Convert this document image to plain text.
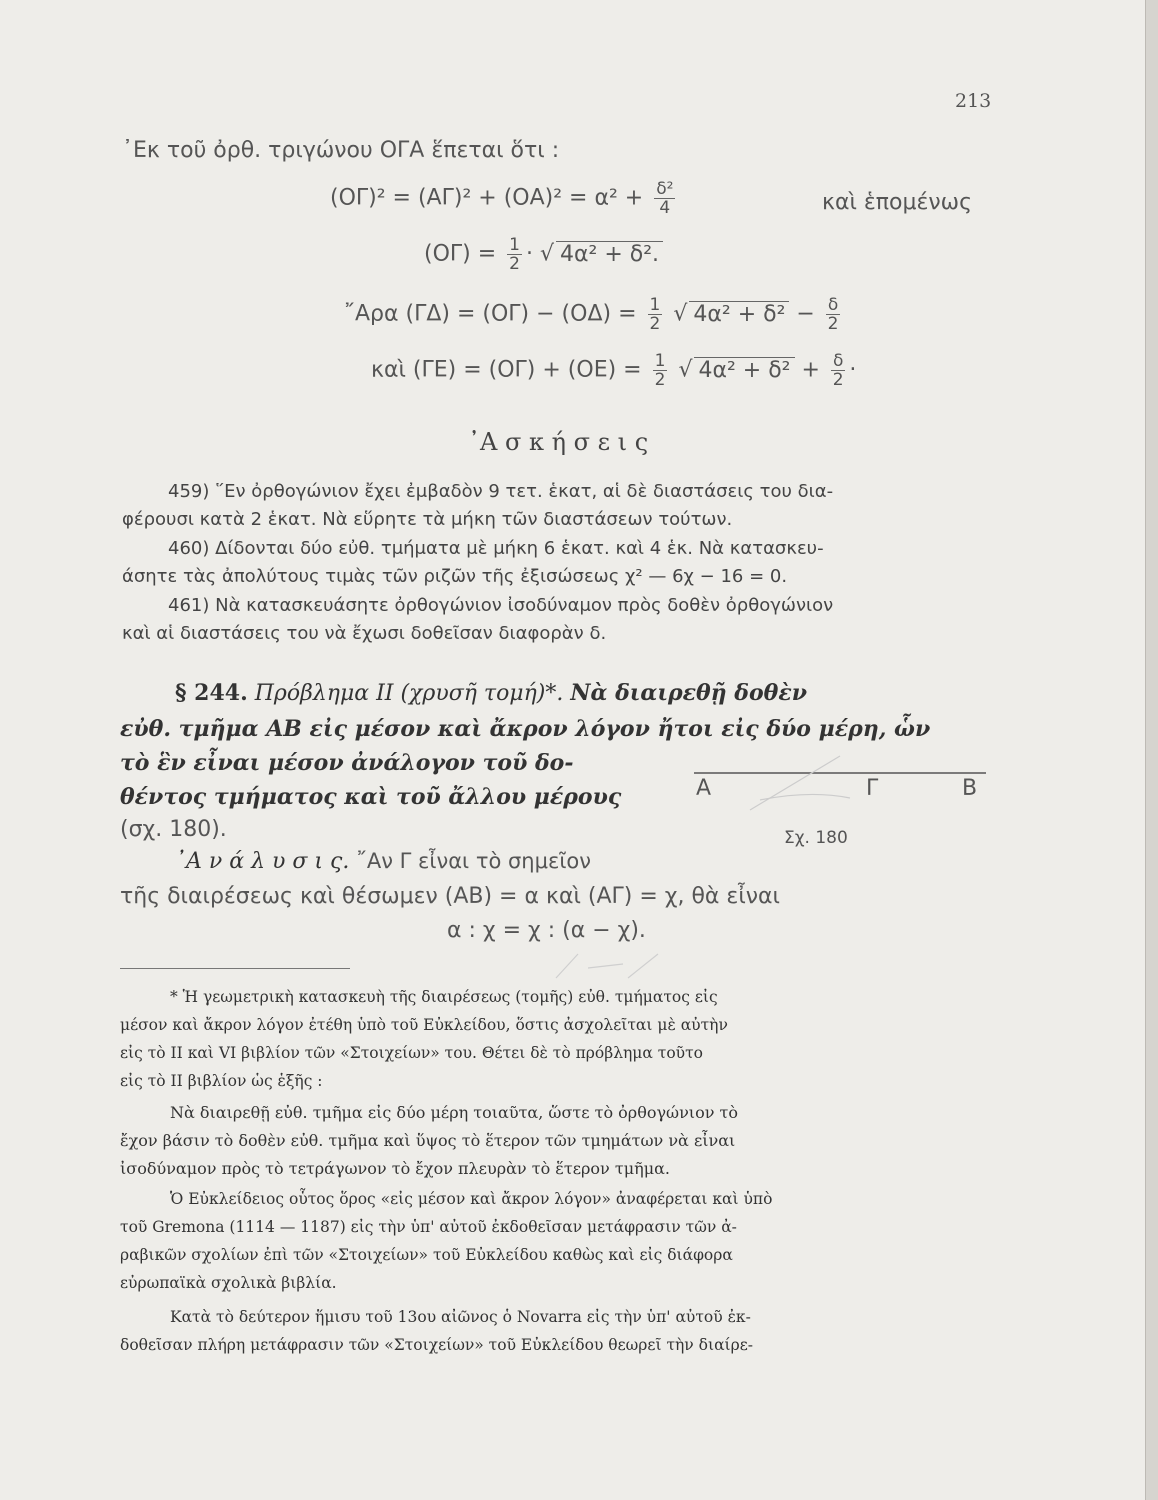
213
᾿Εκ τοῦ ὀρθ. τριγώνου ΟΓΑ ἕπεται ὅτι :
$(O\Gamma)^2 = (A\Gamma)^2 + (OA)^2 = \alpha^2 + \frac{\text{δ²}}{4}$	καὶ ἑπομένως
$(O\Gamma) = \frac{1}{2}$ · √ 4α² + δ².
῎Αρα $(\Gamma\Delta) = (O\Gamma) - (O\Delta) = \frac{1}{2}$ √ $4\alpha^2 + \delta^2 - \frac{\delta}{2}$
καὶ $(\Gamma E) = (O\Gamma) + (OE) = \frac{1}{2}$ √ $4\alpha^2 + \delta^2 + \frac{\delta}{2}$ ·
᾿Α σ κ ή σ ε ι ς
459) ῞Εν ὀρθογώνιον ἔχει ἐμβαδὸν 9 τετ. ἑκατ, αἱ δὲ διαστάσεις του δια-
φέρουσι κατὰ 2 ἑκατ. Νὰ εὕρητε τὰ μήκη τῶν διαστάσεων τούτων.
460) Δίδονται δύο εὐθ. τμήματα μὲ μήκη 6 ἑκατ. καὶ 4 ἑκ. Νὰ κατασκευ-
άσητε τὰς ἀπολύτους τιμὰς τῶν ριζῶν τῆς ἐξισώσεως χ² — 6χ − 16 = 0.
461) Νὰ κατασκευάσητε ὀρθογώνιον ἰσοδύναμον πρὸς δοθὲν ὀρθογώνιον
καὶ αἱ διαστάσεις του νὰ ἔχωσι δοθεῖσαν διαφορὰν δ.
§ 244. Πρόβλημα II (χρυσῆ τομή)*. Νὰ διαιρεθῇ δοθὲν
εὐθ. τμῆμα ΑΒ εἰς μέσον καὶ ἄκρον λόγον ἤτοι εἰς δύο μέρη, ὧν
τὸ ἓν εἶναι μέσον ἀνάλογον τοῦ δο-
θέντος τμήματος καὶ τοῦ ἄλλου μέρους
(σχ. 180).
᾿Α ν ά λ υ σ ι ς. ῎Αν Γ εἶναι τὸ σημεῖον
τῆς διαιρέσεως καὶ θέσωμεν (ΑΒ) = α καὶ (ΑΓ) = χ, θὰ εἶναι
α : χ = χ : (α − χ).
Α	Γ	Β
Σχ. 180
* Ἡ γεωμετρικὴ κατασκευὴ τῆς διαιρέσεως (τομῆς) εὐθ. τμήματος εἰς
μέσον καὶ ἄκρον λόγον ἐτέθη ὑπὸ τοῦ Εὐκλείδου, ὅστις ἀσχολεῖται μὲ αὐτὴν
εἰς τὸ II καὶ VI βιβλίον τῶν «Στοιχείων» του. Θέτει δὲ τὸ πρόβλημα τοῦτο
εἰς τὸ II βιβλίον ὡς ἑξῆς :
Νὰ διαιρεθῇ εὐθ. τμῆμα εἰς δύο μέρη τοιαῦτα, ὥστε τὸ ὀρθογώνιον τὸ
ἔχον βάσιν τὸ δοθὲν εὐθ. τμῆμα καὶ ὕψος τὸ ἕτερον τῶν τμημάτων νὰ εἶναι
ἰσοδύναμον πρὸς τὸ τετράγωνον τὸ ἔχον πλευρὰν τὸ ἕτερον τμῆμα.
Ὁ Εὐκλείδειος οὗτος ὅρος «εἰς μέσον καὶ ἄκρον λόγον» ἀναφέρεται καὶ ὑπὸ
τοῦ Gremona (1114 — 1187) εἰς τὴν ὑπ' αὐτοῦ ἐκδοθεῖσαν μετάφρασιν τῶν ἀ-
ραβικῶν σχολίων ἐπὶ τῶν «Στοιχείων» τοῦ Εὐκλείδου καθὼς καὶ εἰς διάφορα
εὐρωπαϊκὰ σχολικὰ βιβλία.
Κατὰ τὸ δεύτερον ἥμισυ τοῦ 13ου αἰῶνος ὁ Novarra εἰς τὴν ὑπ' αὐτοῦ ἐκ-
δοθεῖσαν πλήρη μετάφρασιν τῶν «Στοιχείων» τοῦ Εὐκλείδου θεωρεῖ τὴν διαίρε-
